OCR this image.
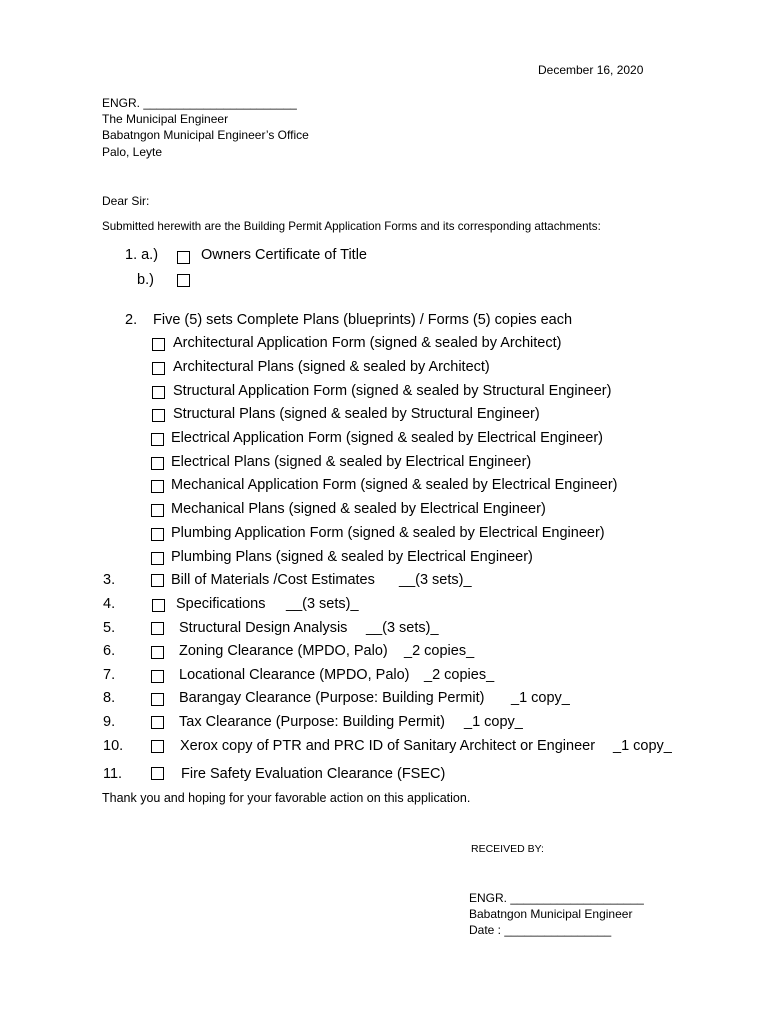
December 16, 2020
ENGR. _______________________
The Municipal Engineer
Babatngon Municipal Engineer’s Office
Palo, Leyte
Dear Sir:
Submitted herewith are the Building Permit Application Forms and its corresponding attachments:
1. a.)	Owners Certificate of Title
b.)
2. Five (5) sets Complete Plans (blueprints) / Forms (5) copies each
Architectural Application Form (signed & sealed by Architect)
Architectural Plans (signed & sealed by Architect)
Structural Application Form (signed & sealed by Structural Engineer)
Structural Plans (signed & sealed by Structural Engineer)
Electrical Application Form (signed & sealed by Electrical Engineer)
Electrical Plans (signed & sealed by Electrical Engineer)
Mechanical Application Form (signed & sealed by Electrical Engineer)
Mechanical Plans (signed & sealed by Electrical Engineer)
Plumbing Application Form (signed & sealed by Electrical Engineer)
Plumbing Plans (signed & sealed by Electrical Engineer)
3.	Bill of Materials /Cost Estimates __(3 sets)_
4.	Specifications __(3 sets)_
5.	Structural Design Analysis __(3 sets)_
6.	Zoning Clearance (MPDO, Palo) _2 copies_
7.	Locational Clearance (MPDO, Palo) _2 copies_
8.	Barangay Clearance (Purpose: Building Permit) _1 copy_
9.	Tax Clearance (Purpose: Building Permit) _1 copy_
10.	Xerox copy of PTR and PRC ID of Sanitary Architect or Engineer _1 copy_
11.	Fire Safety Evaluation Clearance (FSEC)
Thank you and hoping for your favorable action on this application.
RECEIVED BY:
ENGR. ____________________
Babatngon Municipal Engineer
Date : ________________
